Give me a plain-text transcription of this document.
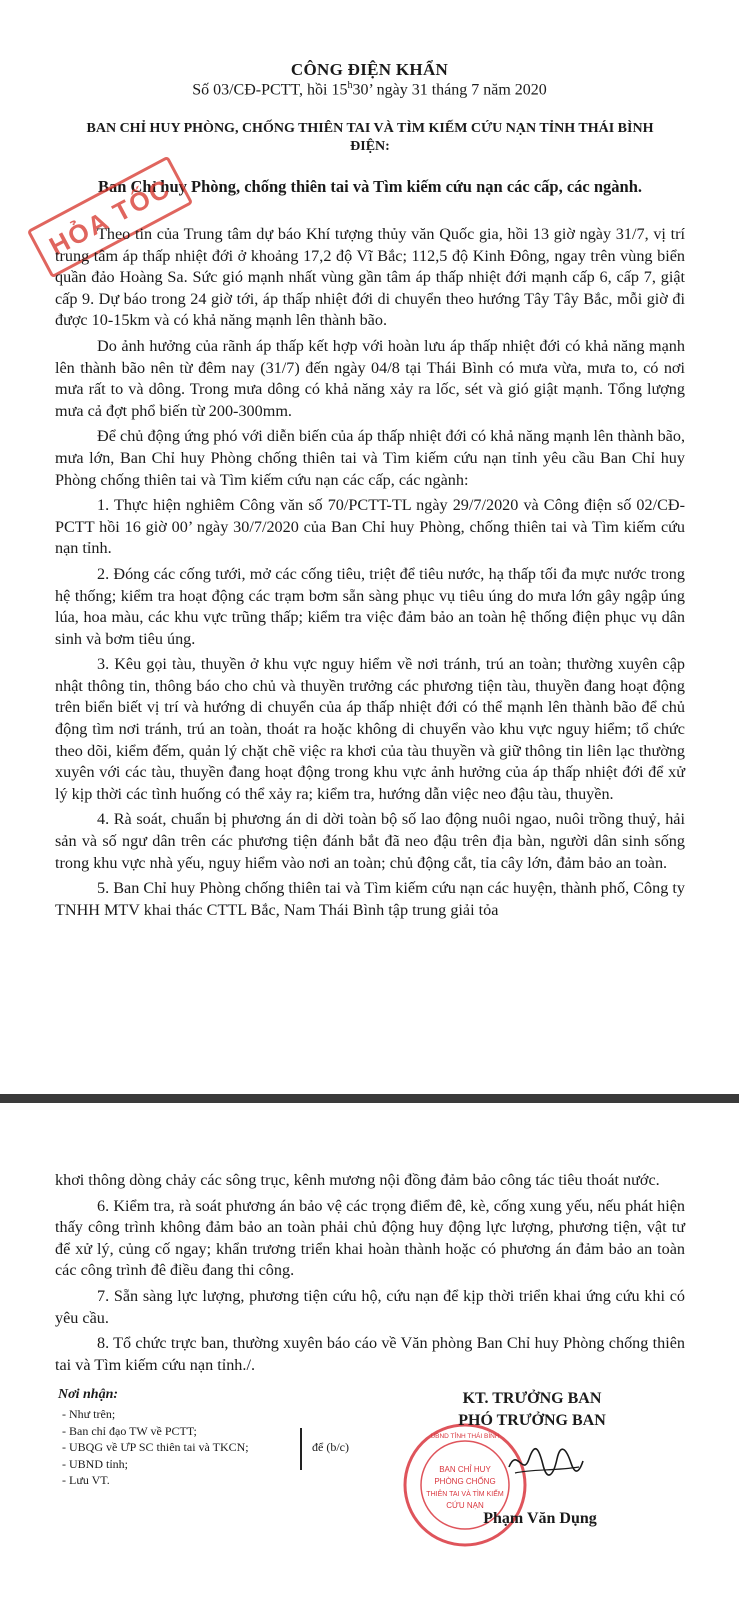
CÔNG ĐIỆN KHẨN
Số 03/CĐ-PCTT, hồi 15$^h$30’ ngày 31 tháng 7 năm 2020
BAN CHỈ HUY PHÒNG, CHỐNG THIÊN TAI VÀ TÌM KIẾM CỨU NẠN TỈNH THÁI BÌNH
ĐIỆN:
Ban Chỉ huy Phòng, chống thiên tai và Tìm kiếm cứu nạn các cấp, các ngành.
HỎA TỐC

Theo tin của Trung tâm dự báo Khí tượng thủy văn Quốc gia, hồi 13 giờ ngày 31/7, vị trí trung tâm áp thấp nhiệt đới ở khoảng 17,2 độ Vĩ Bắc; 112,5 độ Kinh Đông, ngay trên vùng biển quần đảo Hoàng Sa. Sức gió mạnh nhất vùng gần tâm áp thấp nhiệt đới mạnh cấp 6, cấp 7, giật cấp 9. Dự báo trong 24 giờ tới, áp thấp nhiệt đới di chuyển theo hướng Tây Tây Bắc, mỗi giờ đi được 10-15km và có khả năng mạnh lên thành bão.

Do ảnh hưởng của rãnh áp thấp kết hợp với hoàn lưu áp thấp nhiệt đới có khả năng mạnh lên thành bão nên từ đêm nay (31/7) đến ngày 04/8 tại Thái Bình có mưa vừa, mưa to, có nơi mưa rất to và dông. Trong mưa dông có khả năng xảy ra lốc, sét và gió giật mạnh. Tổng lượng mưa cả đợt phổ biến từ 200-300mm.

Để chủ động ứng phó với diễn biến của áp thấp nhiệt đới có khả năng mạnh lên thành bão, mưa lớn, Ban Chỉ huy Phòng chống thiên tai và Tìm kiếm cứu nạn tỉnh yêu cầu Ban Chỉ huy Phòng chống thiên tai và Tìm kiếm cứu nạn các cấp, các ngành:

1. Thực hiện nghiêm Công văn số 70/PCTT-TL ngày 29/7/2020 và Công điện số 02/CĐ-PCTT hồi 16 giờ 00’ ngày 30/7/2020 của Ban Chỉ huy Phòng, chống thiên tai và Tìm kiếm cứu nạn tỉnh.

2. Đóng các cống tưới, mở các cống tiêu, triệt để tiêu nước, hạ thấp tối đa mực nước trong hệ thống; kiểm tra hoạt động các trạm bơm sẵn sàng phục vụ tiêu úng do mưa lớn gây ngập úng lúa, hoa màu, các khu vực trũng thấp; kiểm tra việc đảm bảo an toàn hệ thống điện phục vụ dân sinh và bơm tiêu úng.

3. Kêu gọi tàu, thuyền ở khu vực nguy hiểm về nơi tránh, trú an toàn; thường xuyên cập nhật thông tin, thông báo cho chủ và thuyền trưởng các phương tiện tàu, thuyền đang hoạt động trên biển biết vị trí và hướng di chuyển của áp thấp nhiệt đới có thể mạnh lên thành bão để chủ động tìm nơi tránh, trú an toàn, thoát ra hoặc không di chuyển vào khu vực nguy hiểm; tổ chức theo dõi, kiểm đếm, quản lý chặt chẽ việc ra khơi của tàu thuyền và giữ thông tin liên lạc thường xuyên với các tàu, thuyền đang hoạt động trong khu vực ảnh hưởng của áp thấp nhiệt đới để xử lý kịp thời các tình huống có thể xảy ra; kiểm tra, hướng dẫn việc neo đậu tàu, thuyền.

4. Rà soát, chuẩn bị phương án di dời toàn bộ số lao động nuôi ngao, nuôi trồng thuỷ, hải sản và số ngư dân trên các phương tiện đánh bắt đã neo đậu trên địa bàn, người dân sinh sống trong khu vực nhà yếu, nguy hiểm vào nơi an toàn; chủ động cắt, tỉa cây lớn, đảm bảo an toàn.

5. Ban Chỉ huy Phòng chống thiên tai và Tìm kiếm cứu nạn các huyện, thành phố, Công ty TNHH MTV khai thác CTTL Bắc, Nam Thái Bình tập trung giải tỏa

khơi thông dòng chảy các sông trục, kênh mương nội đồng đảm bảo công tác tiêu thoát nước.

6. Kiểm tra, rà soát phương án bảo vệ các trọng điểm đê, kè, cống xung yếu, nếu phát hiện thấy công trình không đảm bảo an toàn phải chủ động huy động lực lượng, phương tiện, vật tư để xử lý, củng cố ngay; khẩn trương triển khai hoàn thành hoặc có phương án đảm bảo an toàn các công trình đê điều đang thi công.

7. Sẵn sàng lực lượng, phương tiện cứu hộ, cứu nạn để kịp thời triển khai ứng cứu khi có yêu cầu.

8. Tổ chức trực ban, thường xuyên báo cáo về Văn phòng Ban Chỉ huy Phòng chống thiên tai và Tìm kiếm cứu nạn tỉnh./.

Nơi nhận:
- Như trên;
- Ban chỉ đạo TW về PCTT;
- UBQG về ƯP SC thiên tai và TKCN;
- UBND tỉnh;
- Lưu VT.
để (b/c)
BAN CHỈ HUY
PHÒNG CHỐNG
THIÊN TAI VÀ TÌM KIẾM
CỨU NẠN
UBND TỈNH THÁI BÌNH
KT. TRƯỞNG BAN
PHÓ TRƯỞNG BAN
Phạm Văn Dụng
